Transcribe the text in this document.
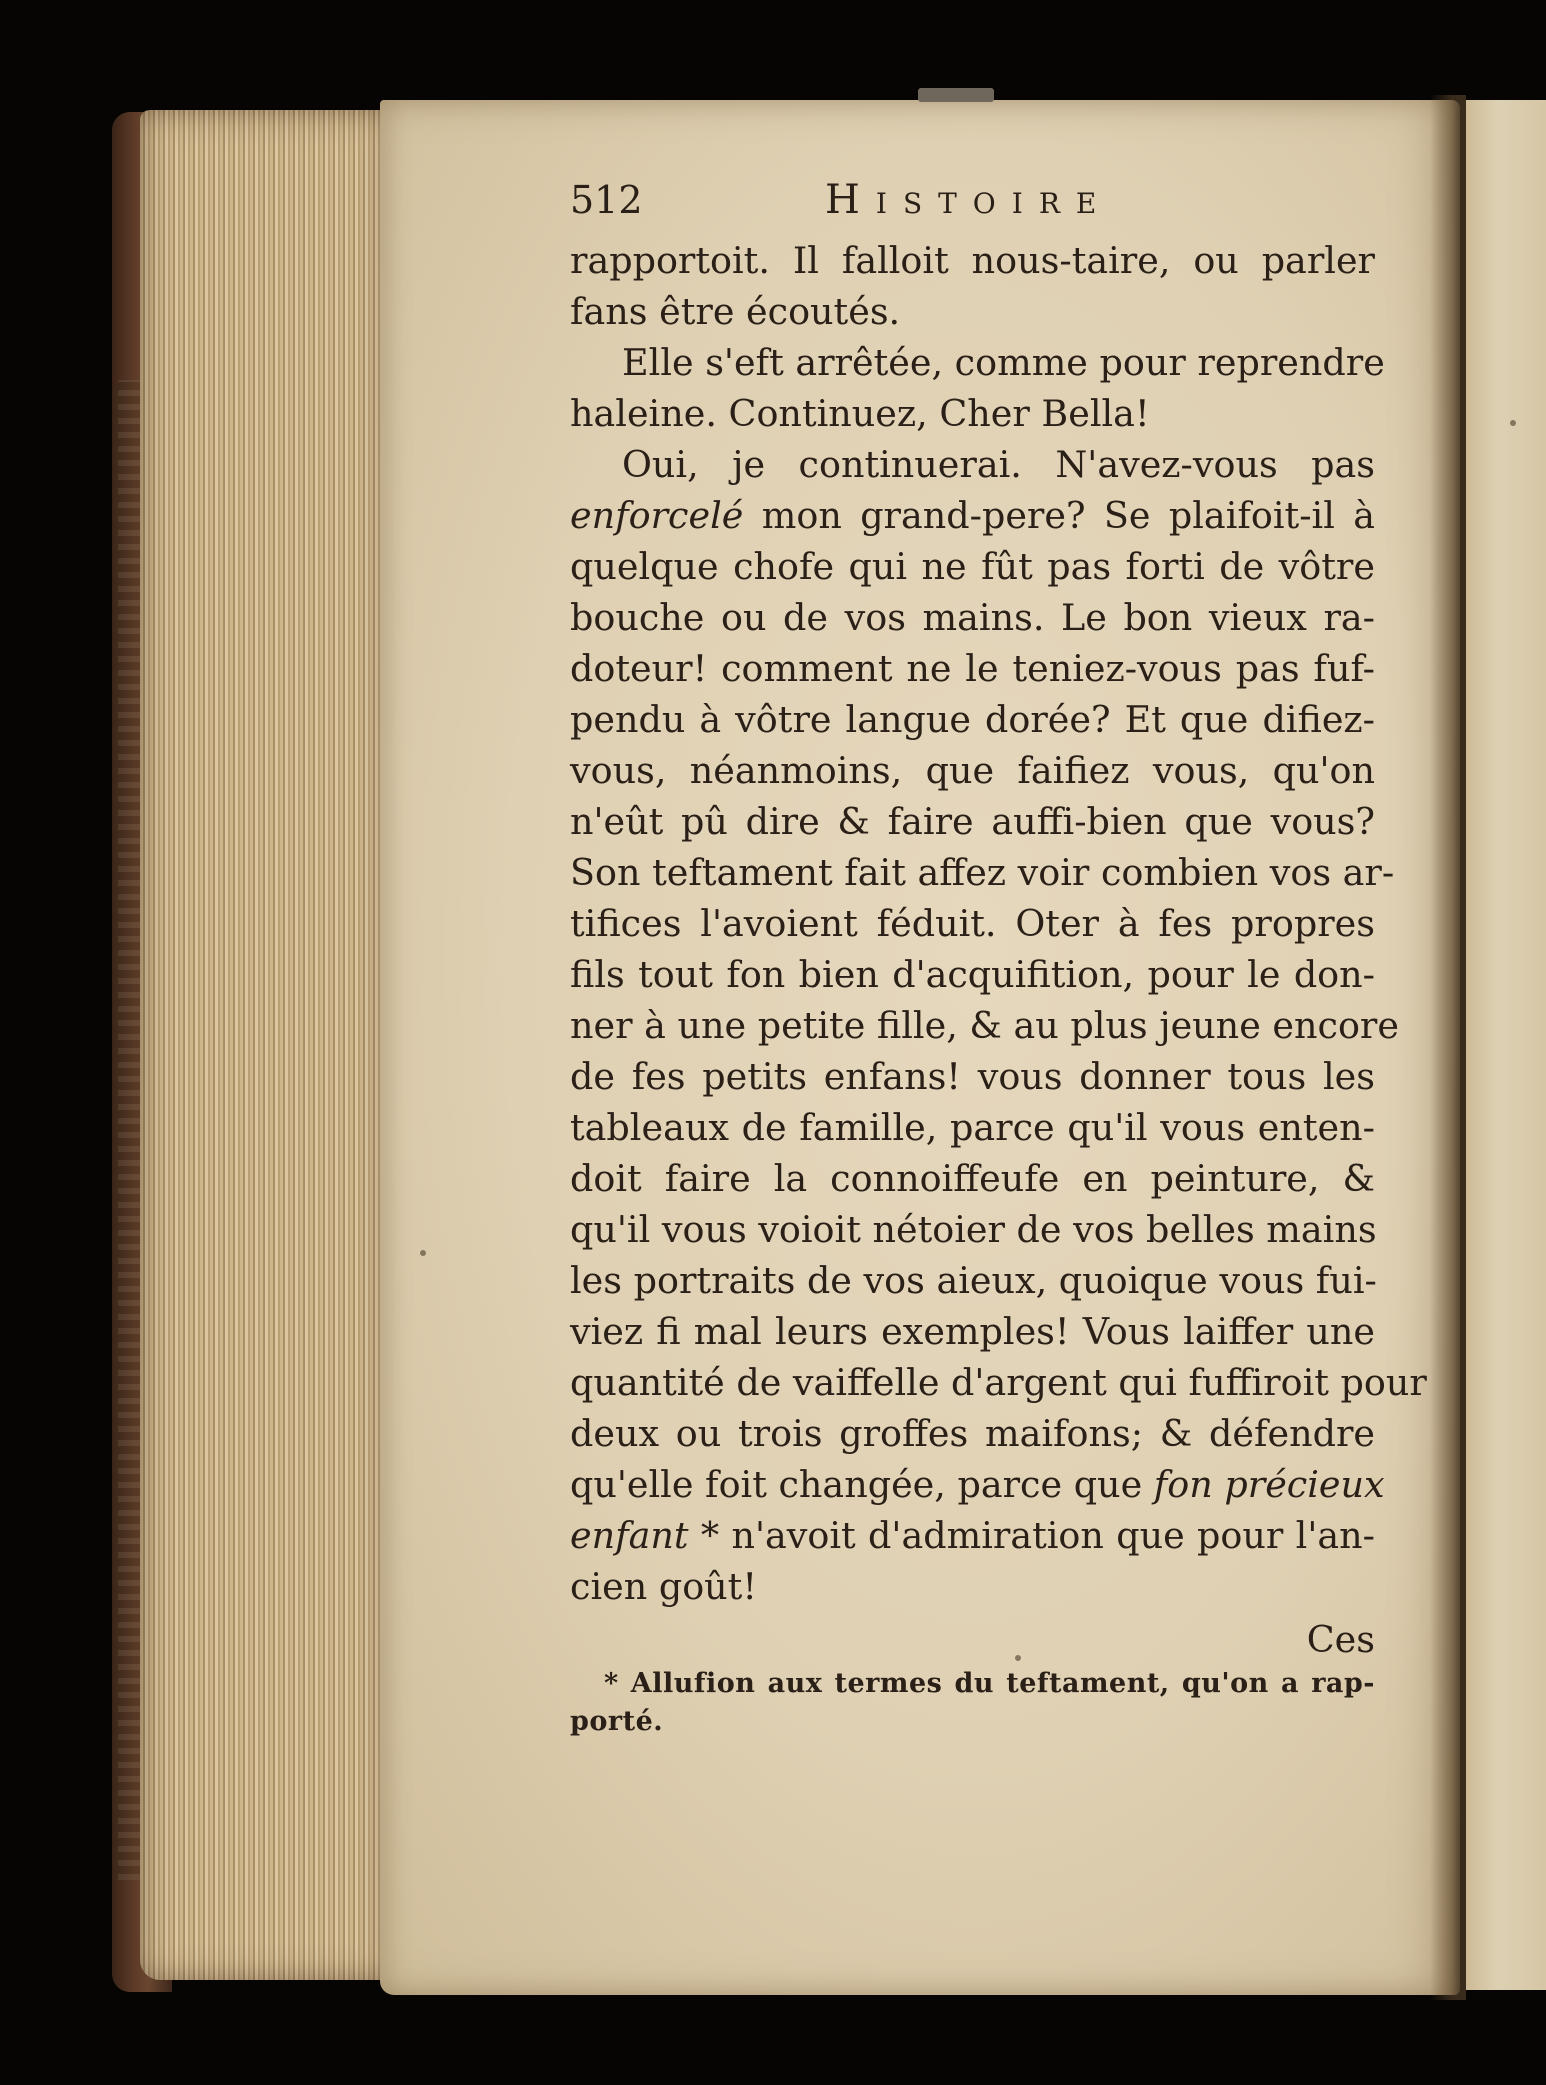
512	Histoire
rapportoit. Il falloit nous-taire, ou parler
fans être écoutés.
Elle s'eft arrêtée, comme pour reprendre
haleine. Continuez, Cher Bella!
Oui, je continuerai. N'avez-vous pas
enforcelé mon grand-pere? Se plaifoit-il à
quelque chofe qui ne fût pas forti de vôtre
bouche ou de vos mains. Le bon vieux ra-
doteur! comment ne le teniez-vous pas fuf-
pendu à vôtre langue dorée? Et que difiez-
vous, néanmoins, que faifiez vous, qu'on
n'eût pû dire & faire auffi-bien que vous?
Son teftament fait affez voir combien vos ar-
tifices l'avoient féduit. Oter à fes propres
fils tout fon bien d'acquifition, pour le don-
ner à une petite fille, & au plus jeune encore
de fes petits enfans! vous donner tous les
tableaux de famille, parce qu'il vous enten-
doit faire la connoiffeufe en peinture, &
qu'il vous voioit nétoier de vos belles mains
les portraits de vos aieux, quoique vous fui-
viez fi mal leurs exemples! Vous laiffer une
quantité de vaiffelle d'argent qui fuffiroit pour
deux ou trois groffes maifons; & défendre
qu'elle foit changée, parce que fon précieux
enfant * n'avoit d'admiration que pour l'an-
cien goût!
Ces
* Allufion aux termes du teftament, qu'on a rap-
porté.
